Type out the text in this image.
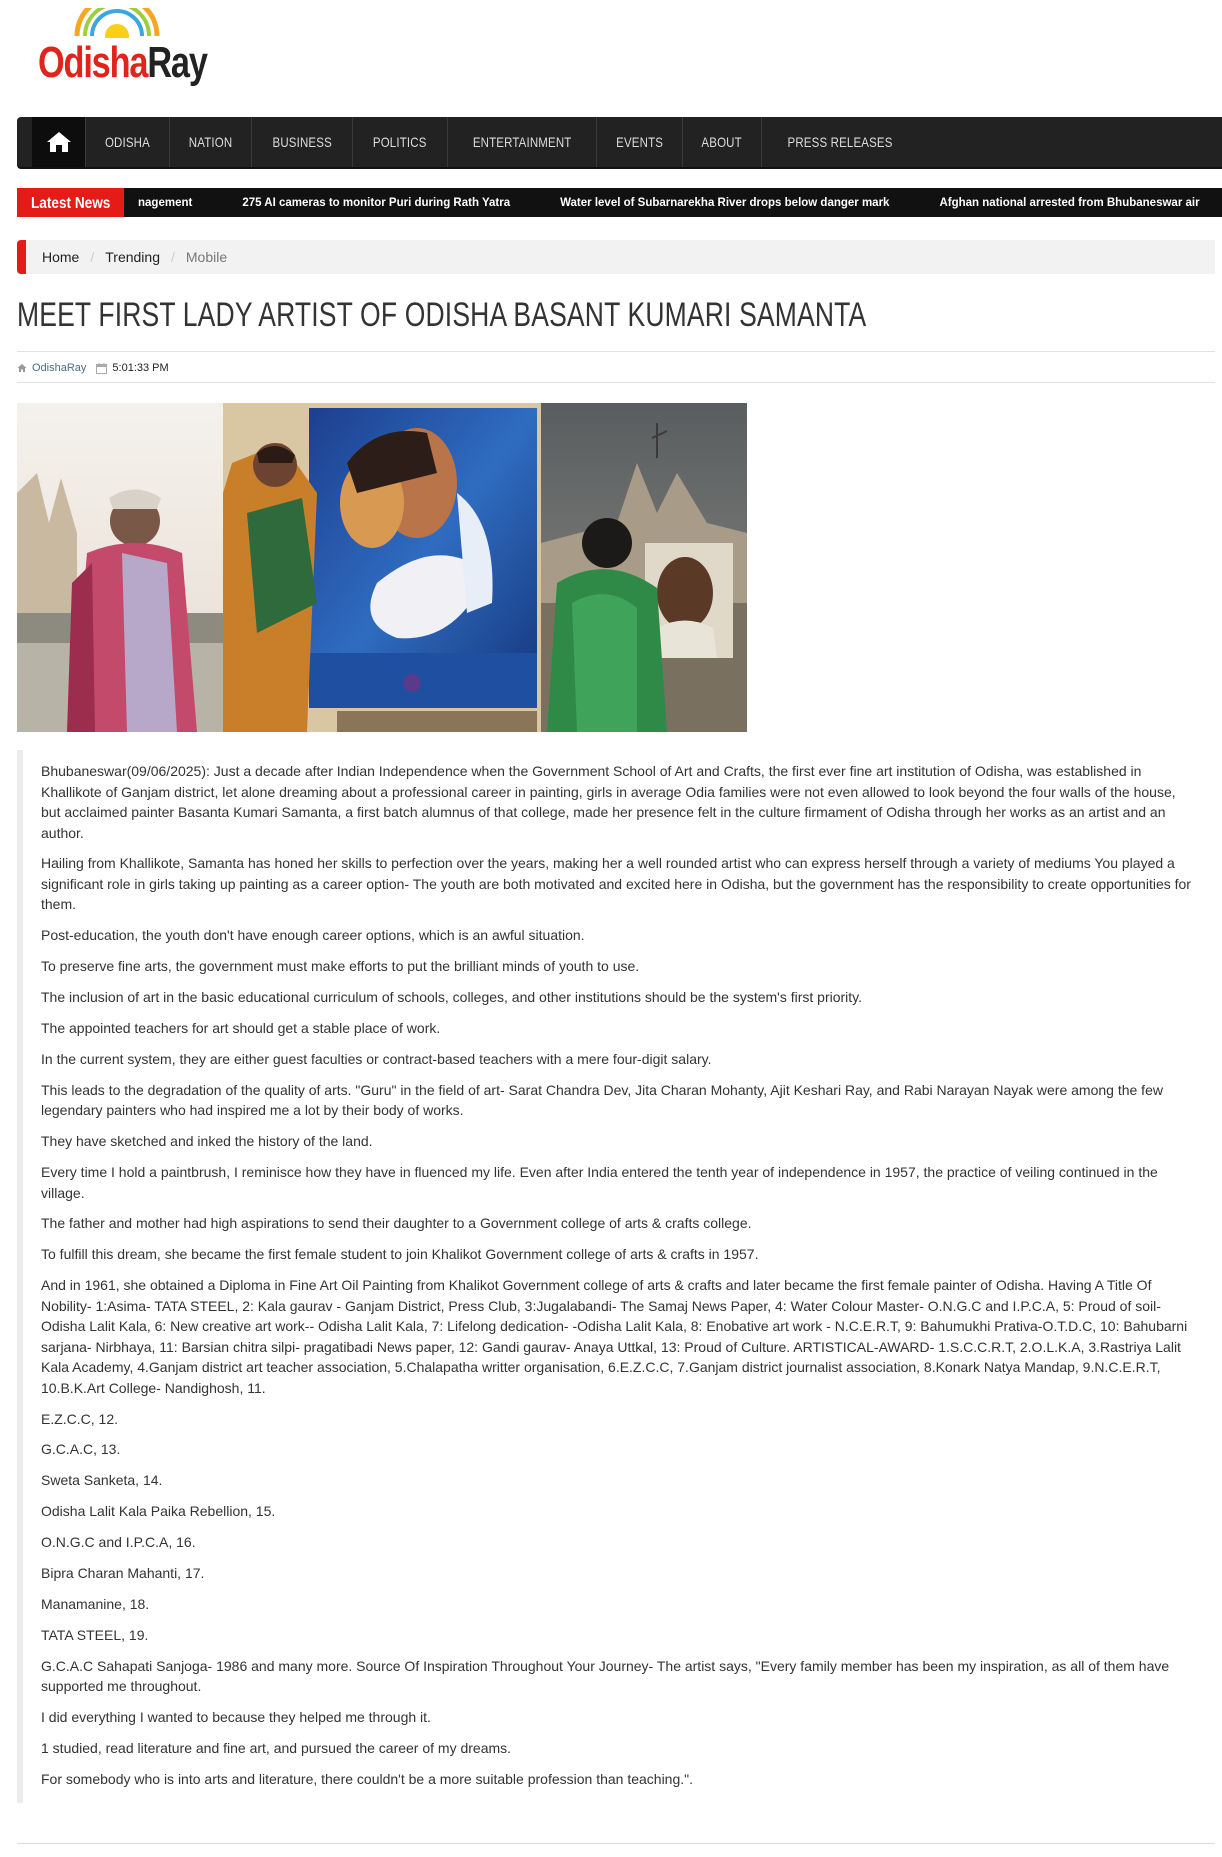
OdishaRay
ODISHA	NATION	BUSINESS	POLITICS	ENTERTAINMENT	EVENTS	ABOUT	PRESS RELEASES
Latest News nagement	275 AI cameras to monitor Puri during Rath Yatra	Water level of Subarnarekha River drops below danger mark	Afghan national arrested from Bhubaneswar air
Home / Trending / Mobile
MEET FIRST LADY ARTIST OF ODISHA BASANT KUMARI SAMANTA
OdishaRay 5:01:33 PM

Bhubaneswar(09/06/2025): Just a decade after Indian Independence when the Government School of Art and Crafts, the first ever fine art institution of Odisha, was established in Khallikote of Ganjam district, let alone dreaming about a professional career in painting, girls in average Odia families were not even allowed to look beyond the four walls of the house, but acclaimed painter Basanta Kumari Samanta, a first batch alumnus of that college, made her presence felt in the culture firmament of Odisha through her works as an artist and an author.

Hailing from Khallikote, Samanta has honed her skills to perfection over the years, making her a well rounded artist who can express herself through a variety of mediums You played a significant role in girls taking up painting as a career option- The youth are both motivated and excited here in Odisha, but the government has the responsibility to create opportunities for them.

Post-education, the youth don't have enough career options, which is an awful situation.

To preserve fine arts, the government must make efforts to put the brilliant minds of youth to use.

The inclusion of art in the basic educational curriculum of schools, colleges, and other institutions should be the system's first priority.

The appointed teachers for art should get a stable place of work.

In the current system, they are either guest faculties or contract-based teachers with a mere four-digit salary.

This leads to the degradation of the quality of arts. "Guru" in the field of art- Sarat Chandra Dev, Jita Charan Mohanty, Ajit Keshari Ray, and Rabi Narayan Nayak were among the few legendary painters who had inspired me a lot by their body of works.

They have sketched and inked the history of the land.

Every time I hold a paintbrush, I reminisce how they have in fluenced my life. Even after India entered the tenth year of independence in 1957, the practice of veiling continued in the village.

The father and mother had high aspirations to send their daughter to a Government college of arts & crafts college.

To fulfill this dream, she became the first female student to join Khalikot Government college of arts & crafts in 1957.

And in 1961, she obtained a Diploma in Fine Art Oil Painting from Khalikot Government college of arts & crafts and later became the first female painter of Odisha. Having A Title Of Nobility- 1:Asima- TATA STEEL, 2: Kala gaurav - Ganjam District, Press Club, 3:Jugalabandi- The Samaj News Paper, 4: Water Colour Master- O.N.G.C and I.P.C.A, 5: Proud of soil- Odisha Lalit Kala, 6: New creative art work-- Odisha Lalit Kala, 7: Lifelong dedication- -Odisha Lalit Kala, 8: Enobative art work - N.C.E.R.T, 9: Bahumukhi Prativa-O.T.D.C, 10: Bahubarni sarjana- Nirbhaya, 11: Barsian chitra silpi- pragatibadi News paper, 12: Gandi gaurav- Anaya Uttkal, 13: Proud of Culture. ARTISTICAL-AWARD- 1.S.C.C.R.T, 2.O.L.K.A, 3.Rastriya Lalit Kala Academy, 4.Ganjam district art teacher association, 5.Chalapatha writter organisation, 6.E.Z.C.C, 7.Ganjam district journalist association, 8.Konark Natya Mandap, 9.N.C.E.R.T, 10.B.K.Art College- Nandighosh, 11.

E.Z.C.C, 12.

G.C.A.C, 13.

Sweta Sanketa, 14.

Odisha Lalit Kala Paika Rebellion, 15.

O.N.G.C and I.P.C.A, 16.

Bipra Charan Mahanti, 17.

Manamanine, 18.

TATA STEEL, 19.

G.C.A.C Sahapati Sanjoga- 1986 and many more. Source Of Inspiration Throughout Your Journey- The artist says, "Every family member has been my inspiration, as all of them have supported me throughout.

I did everything I wanted to because they helped me through it.

1 studied, read literature and fine art, and pursued the career of my dreams.

For somebody who is into arts and literature, there couldn't be a more suitable profession than teaching.".
